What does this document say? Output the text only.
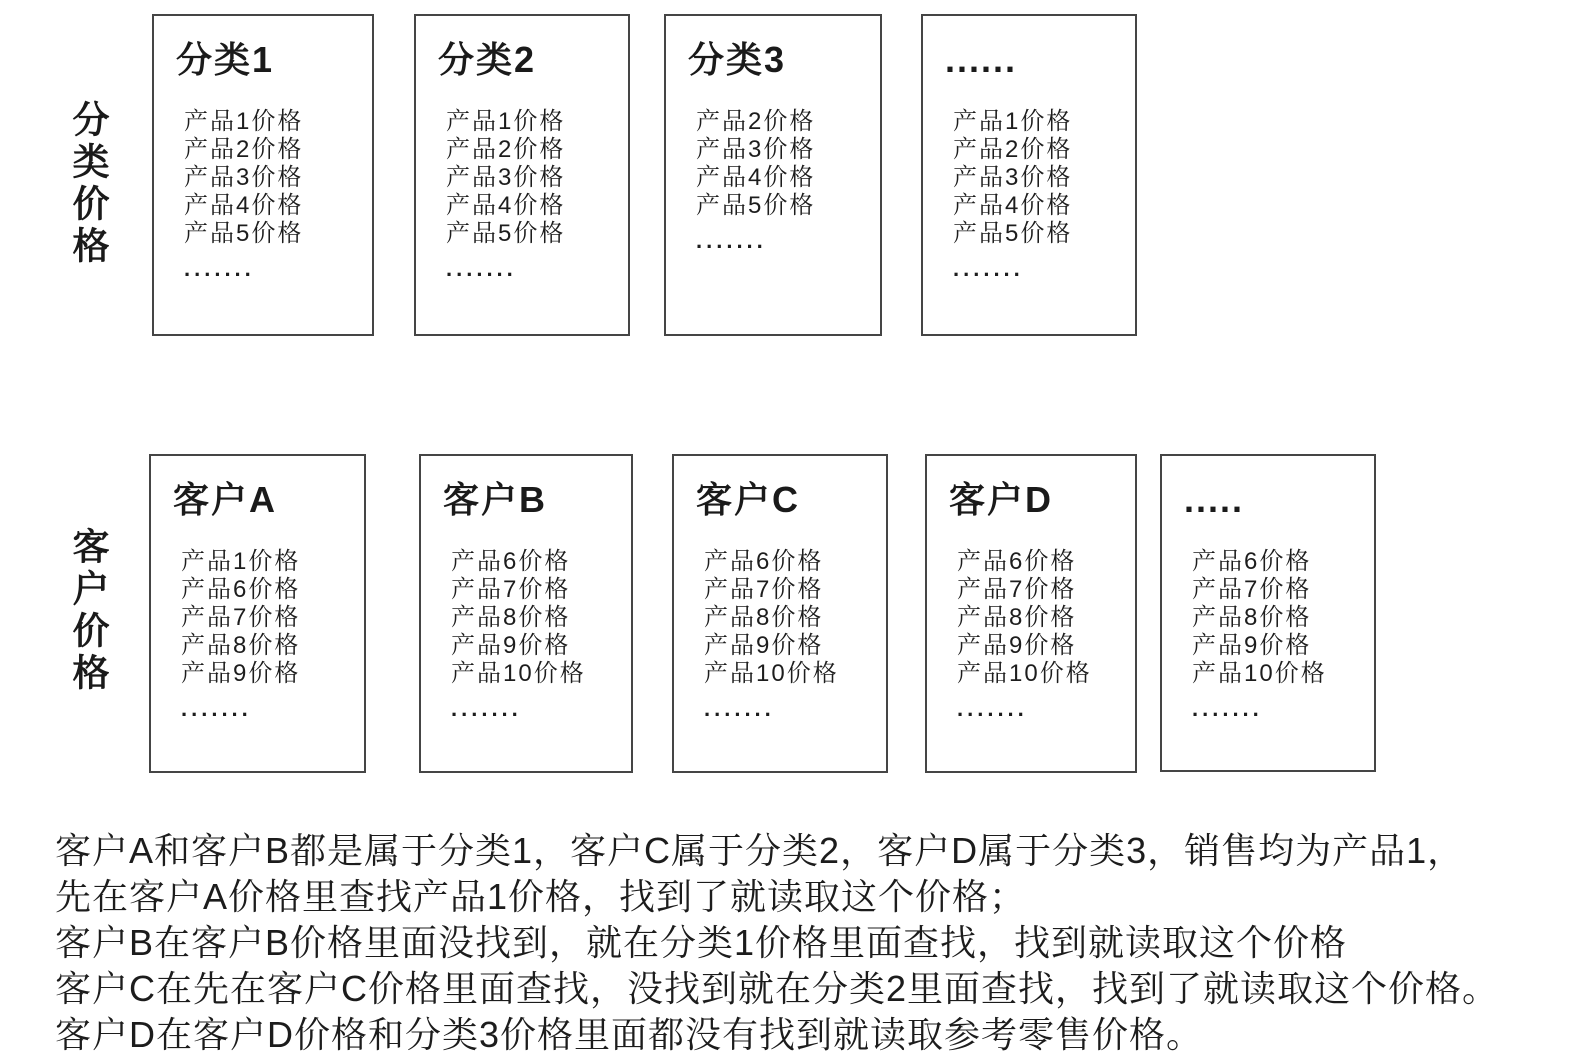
分类价格
分类1
产品1价格
产品2价格
产品3价格
产品4价格
产品5价格
.......
分类2
产品1价格
产品2价格
产品3价格
产品4价格
产品5价格
.......
分类3
产品2价格
产品3价格
产品4价格
产品5价格
.......
......
产品1价格
产品2价格
产品3价格
产品4价格
产品5价格
.......
客户价格
客户A
产品1价格
产品6价格
产品7价格
产品8价格
产品9价格
.......
客户B
产品6价格
产品7价格
产品8价格
产品9价格
产品10价格
.......
客户C
产品6价格
产品7价格
产品8价格
产品9价格
产品10价格
.......
客户D
产品6价格
产品7价格
产品8价格
产品9价格
产品10价格
.......
.....
产品6价格
产品7价格
产品8价格
产品9价格
产品10价格
.......

客户A和客户B都是属于分类1，客户C属于分类2，客户D属于分类3，销售均为产品1，

先在客户A价格里查找产品1价格，找到了就读取这个价格；

客户B在客户B价格里面没找到，就在分类1价格里面查找，找到就读取这个价格

客户C在先在客户C价格里面查找，没找到就在分类2里面查找，找到了就读取这个价格。

客户D在客户D价格和分类3价格里面都没有找到就读取参考零售价格。
